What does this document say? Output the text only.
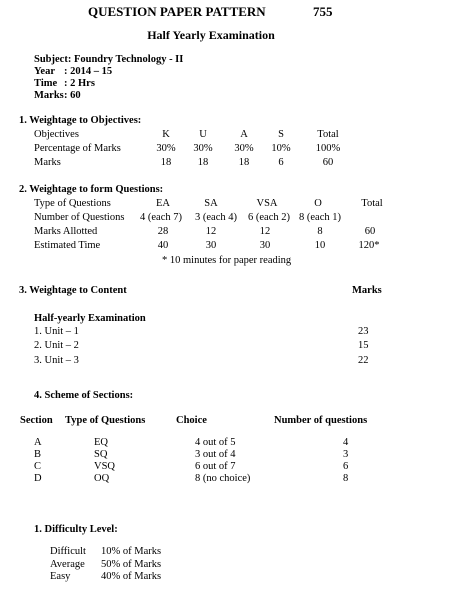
QUESTION PAPER PATTERN	755
Half Yearly Examination
Subject: Foundry Technology - II
Year : 2014 – 15
Time : 2 Hrs
Marks : 60
1. Weightage to Objectives:
Objectives	K	U	A	S	Total
Percentage of Marks	30% 30% 30% 10% 100%
Marks	18	18	18	6	60
2. Weightage to form Questions:
Type of Questions	EA	SA	VSA	O	Total
Number of Questions 4 (each 7) 3 (each 4) 6 (each 2) 8 (each 1)
Marks Allotted	28	12	12	8	60
Estimated Time	40	30	30	10	120*
* 10 minutes for paper reading
3. Weightage to Content	Marks
Half-yearly Examination
1. Unit – 1	23
2. Unit – 2	15
3. Unit – 3	22
4. Scheme of Sections:
Section Type of Questions	Choice	Number of questions
A	EQ	4 out of 5	4
B	SQ	3 out of 4	3
C	VSQ	6 out of 7	6
D	OQ	8 (no choice)	8
1. Difficulty Level:
Difficult 10% of Marks
Average 50% of Marks
Easy	40% of Marks
